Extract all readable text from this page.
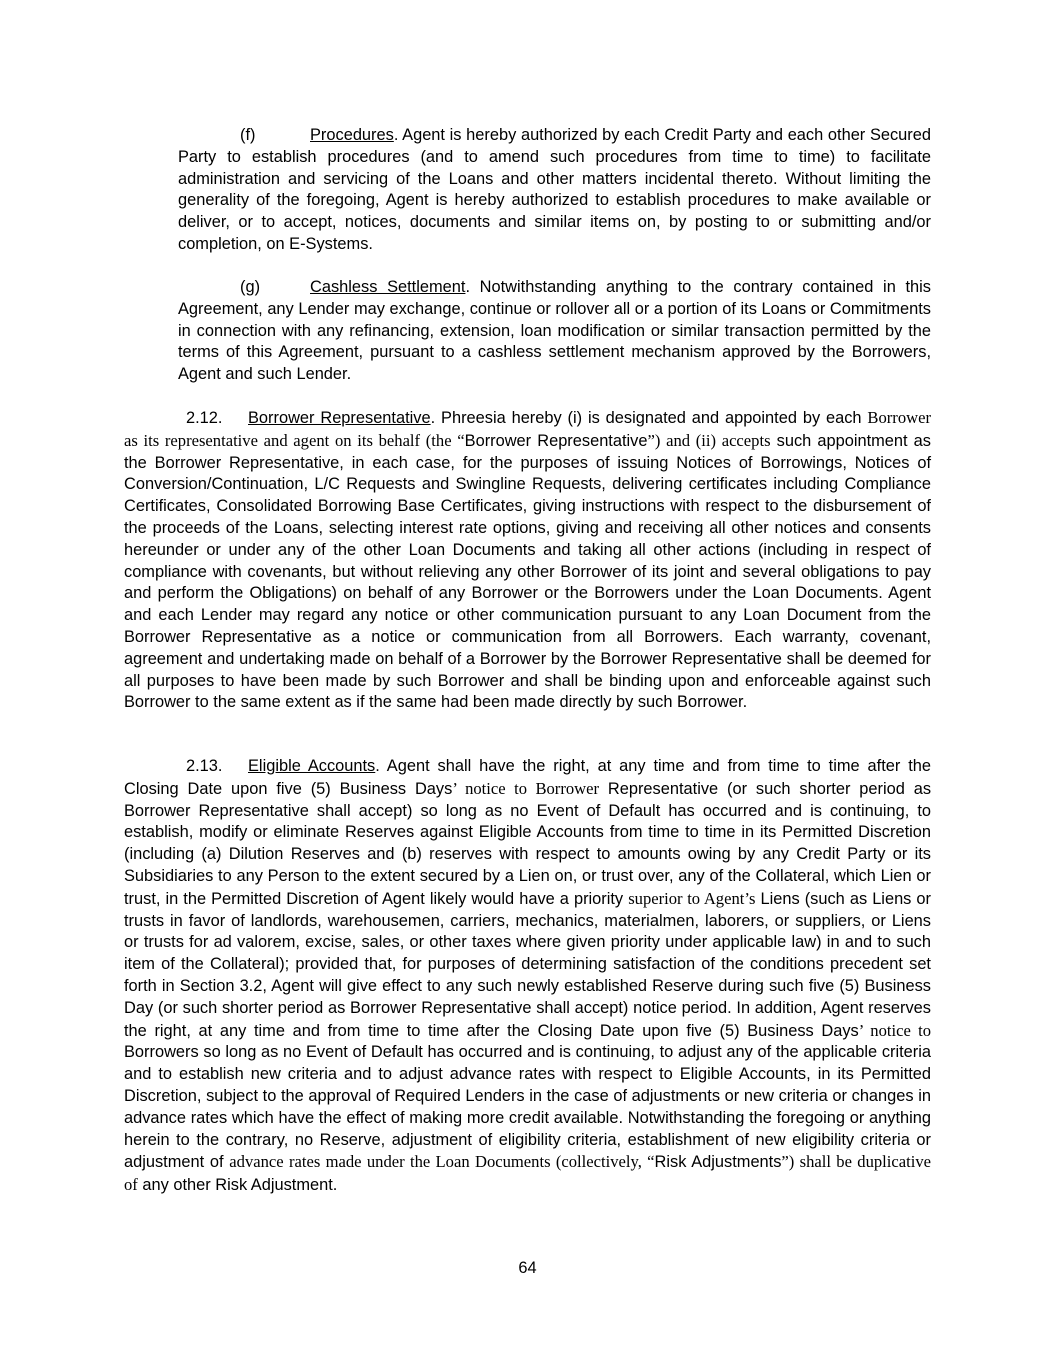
(f)	Procedures. Agent is hereby authorized by each Credit Party and each other Secured Party to establish procedures (and to amend such procedures from time to time) to facilitate administration and servicing of the Loans and other matters incidental thereto. Without limiting the generality of the foregoing, Agent is hereby authorized to establish procedures to make available or deliver, or to accept, notices, documents and similar items on, by posting to or submitting and/or completion, on E-Systems.

(g)	Cashless Settlement. Notwithstanding anything to the contrary contained in this Agreement, any Lender may exchange, continue or rollover all or a portion of its Loans or Commitments in connection with any refinancing, extension, loan modification or similar transaction permitted by the terms of this Agreement, pursuant to a cashless settlement mechanism approved by the Borrowers, Agent and such Lender.

2.12. Borrower Representative. Phreesia hereby (i) is designated and appointed by each Borrower as its representative and agent on its behalf (the “Borrower Representative”) and (ii) accepts such appointment as the Borrower Representative, in each case, for the purposes of issuing Notices of Borrowings, Notices of Conversion/Continuation, L/C Requests and Swingline Requests, delivering certificates including Compliance Certificates, Consolidated Borrowing Base Certificates, giving instructions with respect to the disbursement of the proceeds of the Loans, selecting interest rate options, giving and receiving all other notices and consents hereunder or under any of the other Loan Documents and taking all other actions (including in respect of compliance with covenants, but without relieving any other Borrower of its joint and several obligations to pay and perform the Obligations) on behalf of any Borrower or the Borrowers under the Loan Documents. Agent and each Lender may regard any notice or other communication pursuant to any Loan Document from the Borrower Representative as a notice or communication from all Borrowers. Each warranty, covenant, agreement and undertaking made on behalf of a Borrower by the Borrower Representative shall be deemed for all purposes to have been made by such Borrower and shall be binding upon and enforceable against such Borrower to the same extent as if the same had been made directly by such Borrower.

2.13. Eligible Accounts. Agent shall have the right, at any time and from time to time after the Closing Date upon five (5) Business Days’ notice to Borrower Representative (or such shorter period as Borrower Representative shall accept) so long as no Event of Default has occurred and is continuing, to establish, modify or eliminate Reserves against Eligible Accounts from time to time in its Permitted Discretion (including (a) Dilution Reserves and (b) reserves with respect to amounts owing by any Credit Party or its Subsidiaries to any Person to the extent secured by a Lien on, or trust over, any of the Collateral, which Lien or trust, in the Permitted Discretion of Agent likely would have a priority superior to Agent’s Liens (such as Liens or trusts in favor of landlords, warehousemen, carriers, mechanics, materialmen, laborers, or suppliers, or Liens or trusts for ad valorem, excise, sales, or other taxes where given priority under applicable law) in and to such item of the Collateral); provided that, for purposes of determining satisfaction of the conditions precedent set forth in Section 3.2, Agent will give effect to any such newly established Reserve during such five (5) Business Day (or such shorter period as Borrower Representative shall accept) notice period. In addition, Agent reserves the right, at any time and from time to time after the Closing Date upon five (5) Business Days’ notice to Borrowers so long as no Event of Default has occurred and is continuing, to adjust any of the applicable criteria and to establish new criteria and to adjust advance rates with respect to Eligible Accounts, in its Permitted Discretion, subject to the approval of Required Lenders in the case of adjustments or new criteria or changes in advance rates which have the effect of making more credit available. Notwithstanding the foregoing or anything herein to the contrary, no Reserve, adjustment of eligibility criteria, establishment of new eligibility criteria or adjustment of advance rates made under the Loan Documents (collectively, “Risk Adjustments”) shall be duplicative of any other Risk Adjustment.

64
